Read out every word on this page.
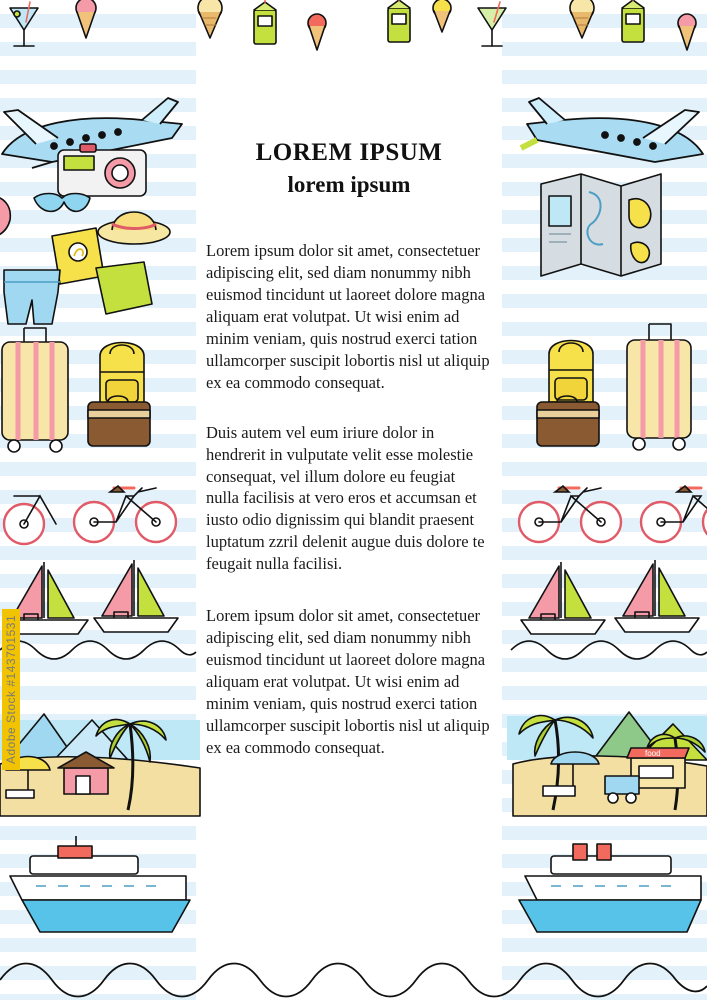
food
LOREM IPSUM
lorem ipsum

Lorem ipsum dolor sit amet, consectetuer adipiscing elit, sed diam nonummy nibh euismod tincidunt ut laoreet dolore magna aliquam erat volutpat. Ut wisi enim ad minim veniam, quis nostrud exerci tation ullamcorper suscipit lobortis nisl ut aliquip ex ea commodo consequat.

Duis autem vel eum iriure dolor in hendrerit in vulputate velit esse molestie consequat, vel illum dolore eu feugiat nulla facilisis at vero eros et accumsan et iusto odio dignissim qui blandit praesent luptatum zzril delenit augue duis dolore te feugait nulla facilisi.

Lorem ipsum dolor sit amet, consectetuer adipiscing elit, sed diam nonummy nibh euismod tincidunt ut laoreet dolore magna aliquam erat volutpat. Ut wisi enim ad minim veniam, quis nostrud exerci tation ullamcorper suscipit lobortis nisl ut aliquip ex ea commodo consequat.

Adobe Stock #143701531
